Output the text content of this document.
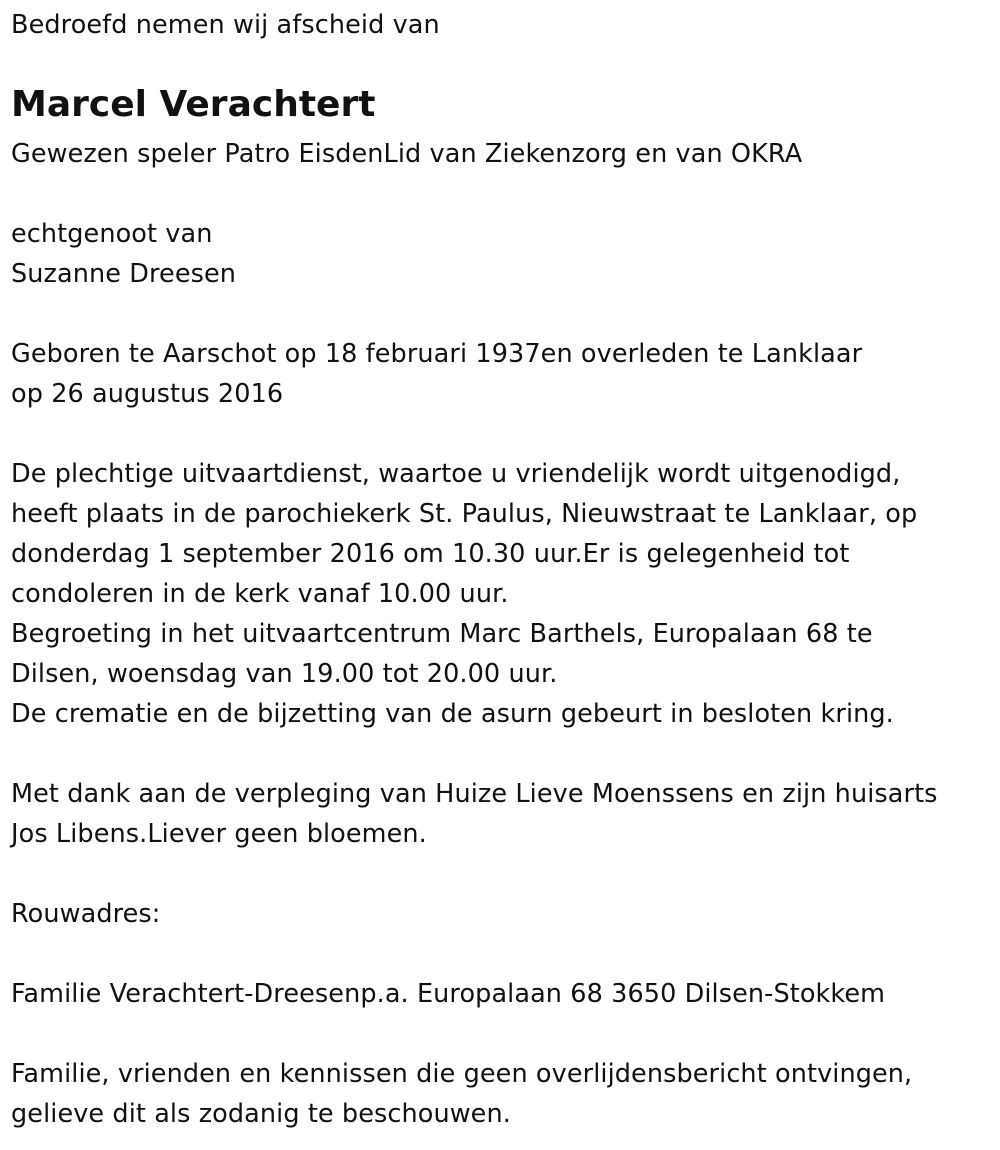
Bedroefd nemen wij afscheid van
Marcel Verachtert
Gewezen speler Patro EisdenLid van Ziekenzorg en van OKRA
echtgenoot van
Suzanne Dreesen
Geboren te Aarschot op 18 februari 1937en overleden te Lanklaar
op 26 augustus 2016
De plechtige uitvaartdienst, waartoe u vriendelijk wordt uitgenodigd,
heeft plaats in de parochiekerk St. Paulus, Nieuwstraat te Lanklaar, op
donderdag 1 september 2016 om 10.30 uur.Er is gelegenheid tot
condoleren in de kerk vanaf 10.00 uur.
Begroeting in het uitvaartcentrum Marc Barthels, Europalaan 68 te
Dilsen, woensdag van 19.00 tot 20.00 uur.
De crematie en de bijzetting van de asurn gebeurt in besloten kring.
Met dank aan de verpleging van Huize Lieve Moenssens en zijn huisarts
Jos Libens.Liever geen bloemen.
Rouwadres:
Familie Verachtert-Dreesenp.a. Europalaan 68 3650 Dilsen-Stokkem
Familie, vrienden en kennissen die geen overlijdensbericht ontvingen,
gelieve dit als zodanig te beschouwen.
